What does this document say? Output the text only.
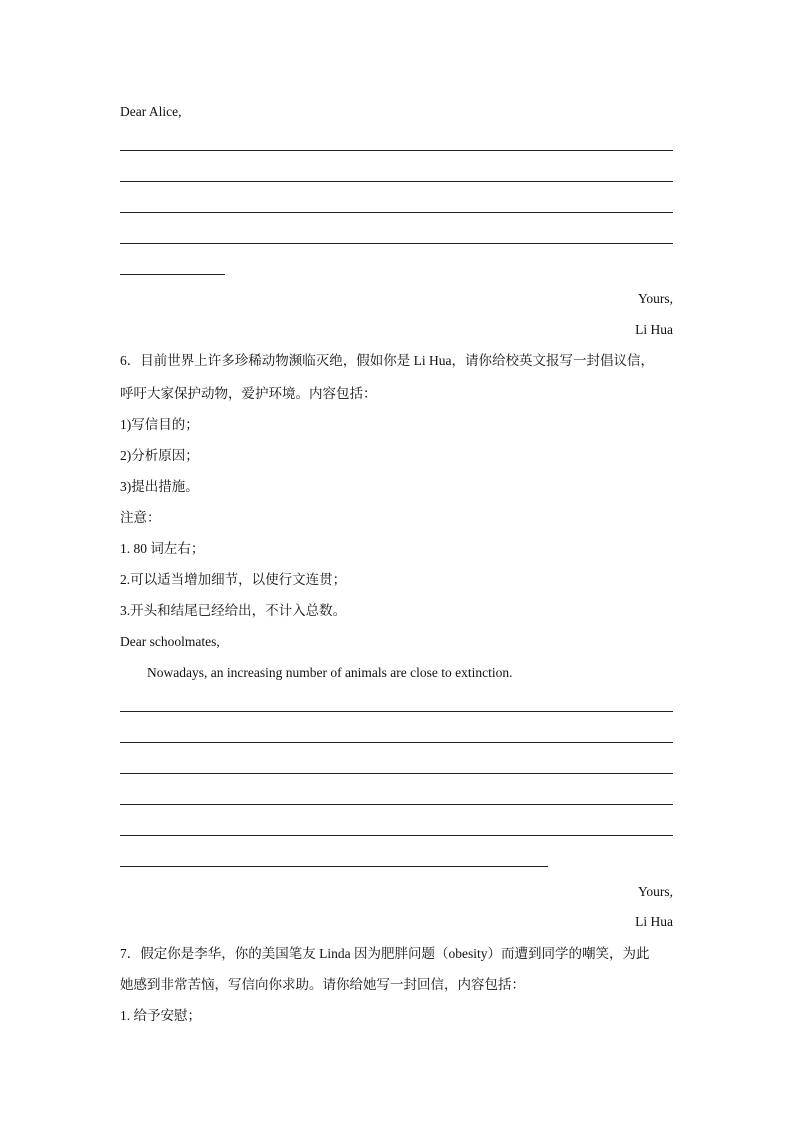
Dear Alice,
Yours,
Li Hua
6．目前世界上许多珍稀动物濒临灭绝，假如你是 Li Hua，请你给校英文报写一封倡议信，
呼吁大家保护动物，爱护环境。内容包括：
1)写信目的；
2)分析原因；
3)提出措施。
注意：
1. 80 词左右；
2.可以适当增加细节，以使行文连贯；
3.开头和结尾已经给出，不计入总数。
Dear schoolmates,
Nowadays, an increasing number of animals are close to extinction.
Yours,
Li Hua
7．假定你是李华，你的美国笔友 Linda 因为肥胖问题（obesity）而遭到同学的嘲笑，为此
她感到非常苦恼，写信向你求助。请你给她写一封回信，内容包括：
1. 给予安慰；
